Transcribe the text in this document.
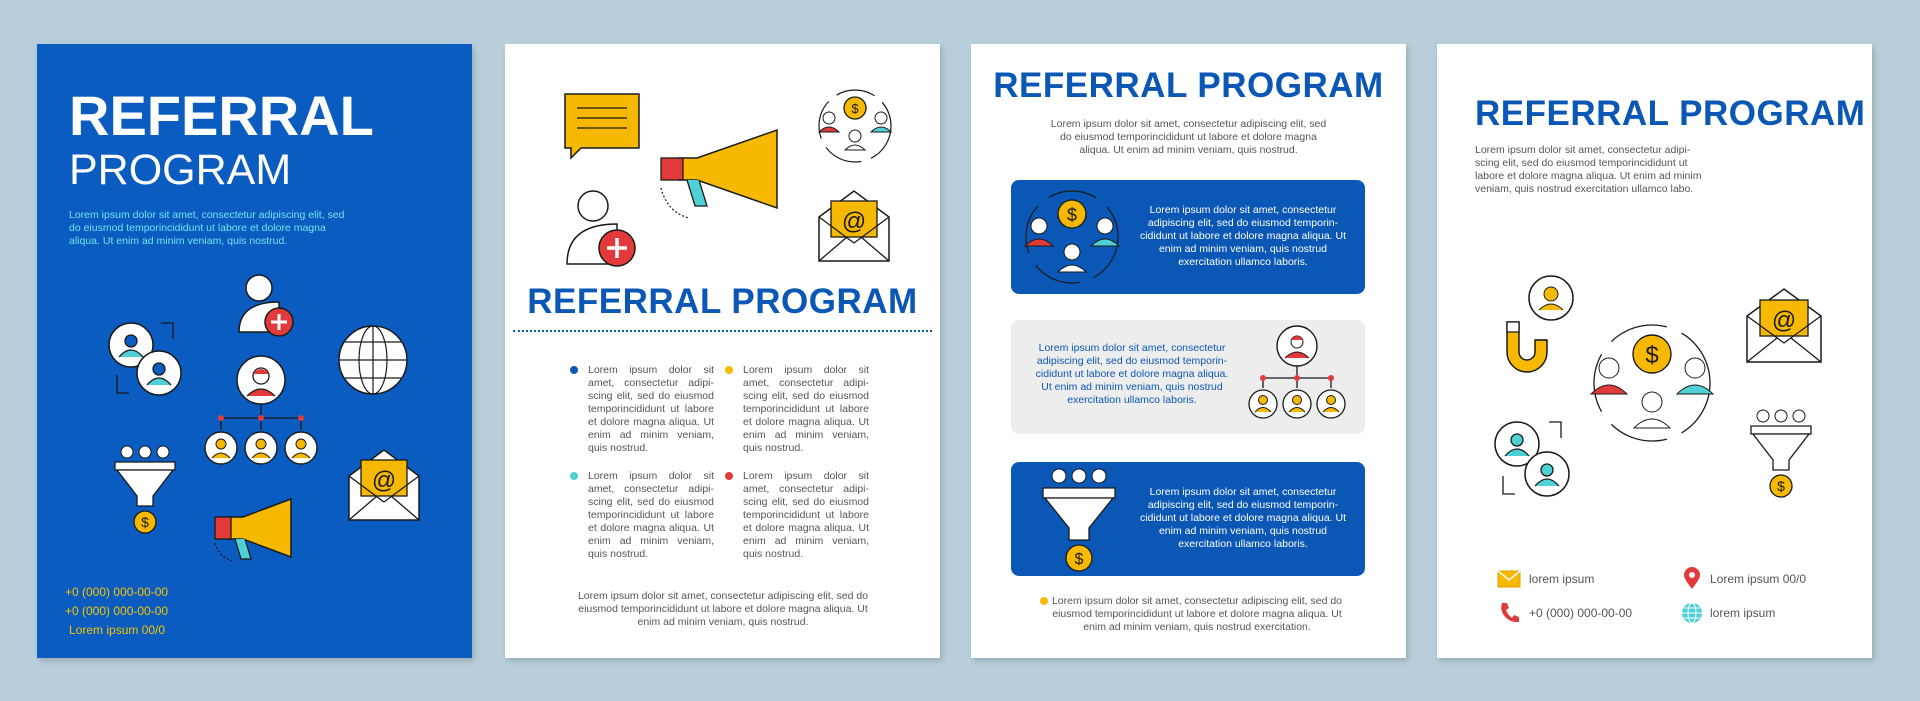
REFERRAL
PROGRAM
Lorem ipsum dolor sit amet, consectetur adipiscing elit, sed do eiusmod temporincididunt ut labore et dolore magna aliqua. Ut enim ad minim veniam, quis nostrud.
$
@
+0 (000) 000-00-00
+0 (000) 000-00-00
Lorem ipsum 00/0
$
@
REFERRAL PROGRAM
Lorem ipsum dolor sit amet, consectetur adipi-scing elit, sed do eiusmod temporincididunt ut labore et dolore magna aliqua. Ut enim ad minim veniam, quis nostrud.
Lorem ipsum dolor sit amet, consectetur adipi-scing elit, sed do eiusmod temporincididunt ut labore et dolore magna aliqua. Ut enim ad minim veniam, quis nostrud.
Lorem ipsum dolor sit amet, consectetur adipi-scing elit, sed do eiusmod temporincididunt ut labore et dolore magna aliqua. Ut enim ad minim veniam, quis nostrud.
Lorem ipsum dolor sit amet, consectetur adipi-scing elit, sed do eiusmod temporincididunt ut labore et dolore magna aliqua. Ut enim ad minim veniam, quis nostrud.
Lorem ipsum dolor sit amet, consectetur adipiscing elit, sed do eiusmod temporincididunt ut labore et dolore magna aliqua. Ut enim ad minim veniam, quis nostrud.
REFERRAL PROGRAM
Lorem ipsum dolor sit amet, consectetur adipiscing elit, sed do eiusmod temporincididunt ut labore et dolore magna aliqua. Ut enim ad minim veniam, quis nostrud.
$	Lorem ipsum dolor sit amet, consectetur adipiscing elit, sed do eiusmod temporin-cididunt ut labore et dolore magna aliqua. Ut enim ad minim veniam, quis nostrud exercitation ullamco laboris.
Lorem ipsum dolor sit amet, consectetur adipiscing elit, sed do eiusmod temporin-cididunt ut labore et dolore magna aliqua. Ut enim ad minim veniam, quis nostrud exercitation ullamco laboris.
$
Lorem ipsum dolor sit amet, consectetur adipiscing elit, sed do eiusmod temporin-cididunt ut labore et dolore magna aliqua. Ut enim ad minim veniam, quis nostrud exercitation ullamco laboris.
Lorem ipsum dolor sit amet, consectetur adipiscing elit, sed do eiusmod temporincididunt ut labore et dolore magna aliqua. Ut enim ad minim veniam, quis nostrud exercitation.
REFERRAL PROGRAM
Lorem ipsum dolor sit amet, consectetur adipi-scing elit, sed do eiusmod temporincididunt ut labore et dolore magna aliqua. Ut enim ad minim veniam, quis nostrud exercitation ullamco labo.
$
@
$
lorem ipsum	Lorem ipsum 00/0
+0 (000) 000-00-00	lorem ipsum
